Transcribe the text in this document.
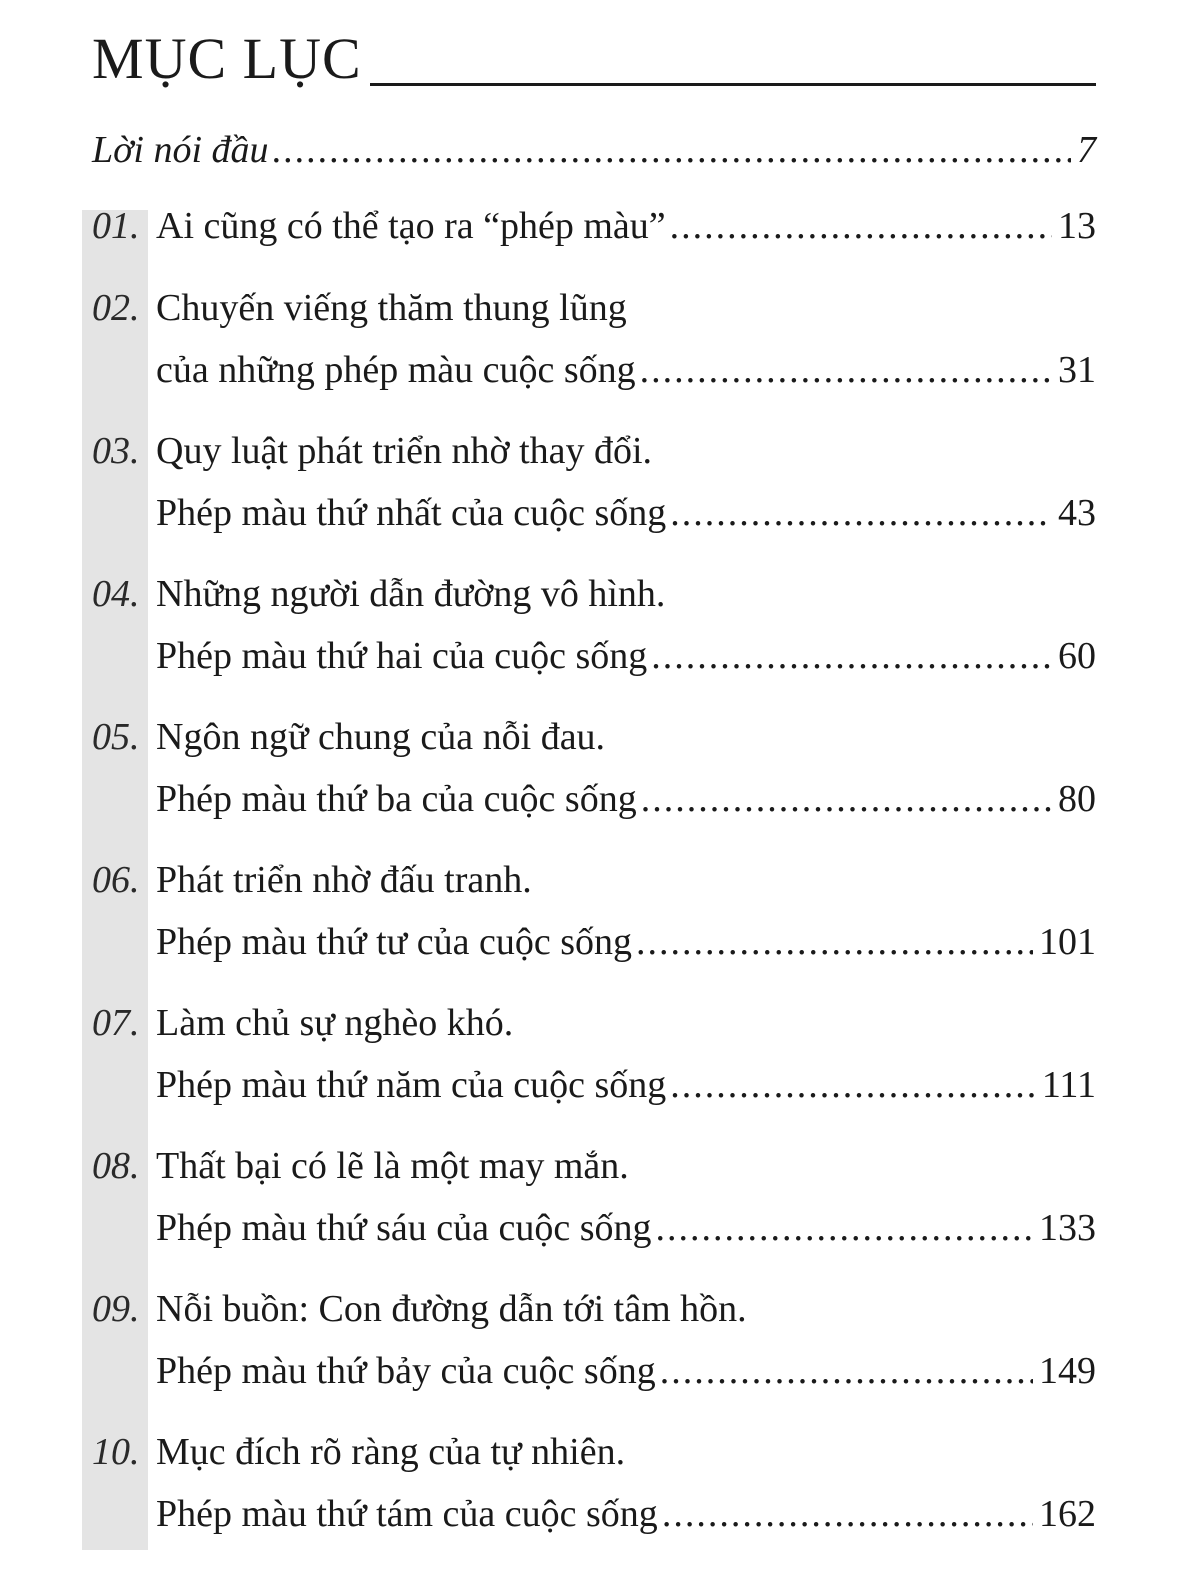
MỤC LỤC
Lời nói đầu .....	7
01. Ai cũng có thể tạo ra “phép màu” .....	13
02. Chuyến viếng thăm thung lũng
của những phép màu cuộc sống .....	31
03. Quy luật phát triển nhờ thay đổi.
Phép màu thứ nhất của cuộc sống .....	43
04. Những người dẫn đường vô hình.
Phép màu thứ hai của cuộc sống .....	60
05. Ngôn ngữ chung của nỗi đau.
Phép màu thứ ba của cuộc sống .....	80
06. Phát triển nhờ đấu tranh.
Phép màu thứ tư của cuộc sống .....	101
07. Làm chủ sự nghèo khó.
Phép màu thứ năm của cuộc sống .....	111
08. Thất bại có lẽ là một may mắn.
Phép màu thứ sáu của cuộc sống .....	133
09. Nỗi buồn: Con đường dẫn tới tâm hồn.
Phép màu thứ bảy của cuộc sống .....	149
10. Mục đích rõ ràng của tự nhiên.
Phép màu thứ tám của cuộc sống .....	162
